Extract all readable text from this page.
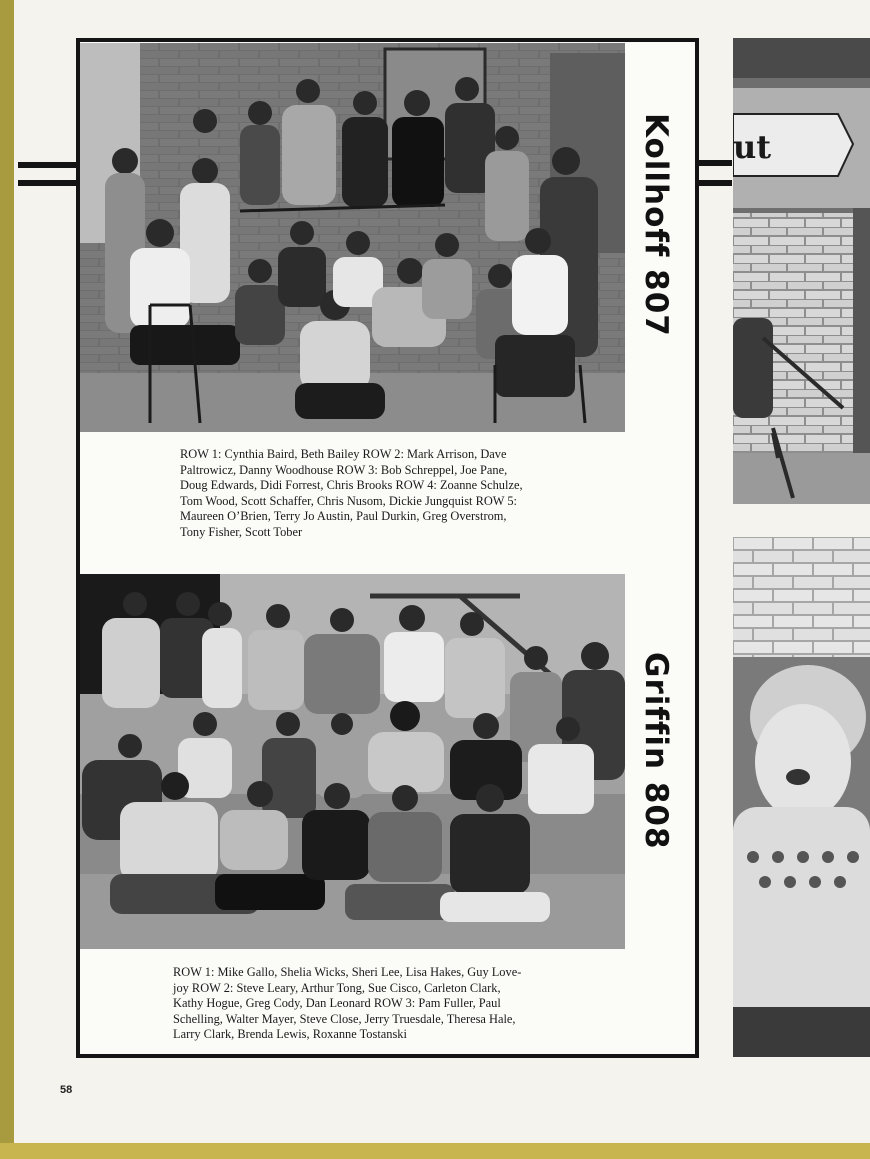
Kollhoff 807
ROW 1: Cynthia Baird, Beth Bailey ROW 2: Mark Arrison, Dave
Paltrowicz, Danny Woodhouse ROW 3: Bob Schreppel, Joe Pane,
Doug Edwards, Didi Forrest, Chris Brooks ROW 4: Zoanne Schulze,
Tom Wood, Scott Schaffer, Chris Nusom, Dickie Jungquist ROW 5:
Maureen O’Brien, Terry Jo Austin, Paul Durkin, Greg Overstrom,
Tony Fisher, Scott Tober
Griffin 808
ROW 1: Mike Gallo, Shelia Wicks, Sheri Lee, Lisa Hakes, Guy Love-
joy ROW 2: Steve Leary, Arthur Tong, Sue Cisco, Carleton Clark,
Kathy Hogue, Greg Cody, Dan Leonard ROW 3: Pam Fuller, Paul
Schelling, Walter Mayer, Steve Close, Jerry Truesdale, Theresa Hale,
Larry Clark, Brenda Lewis, Roxanne Tostanski
ut
58
